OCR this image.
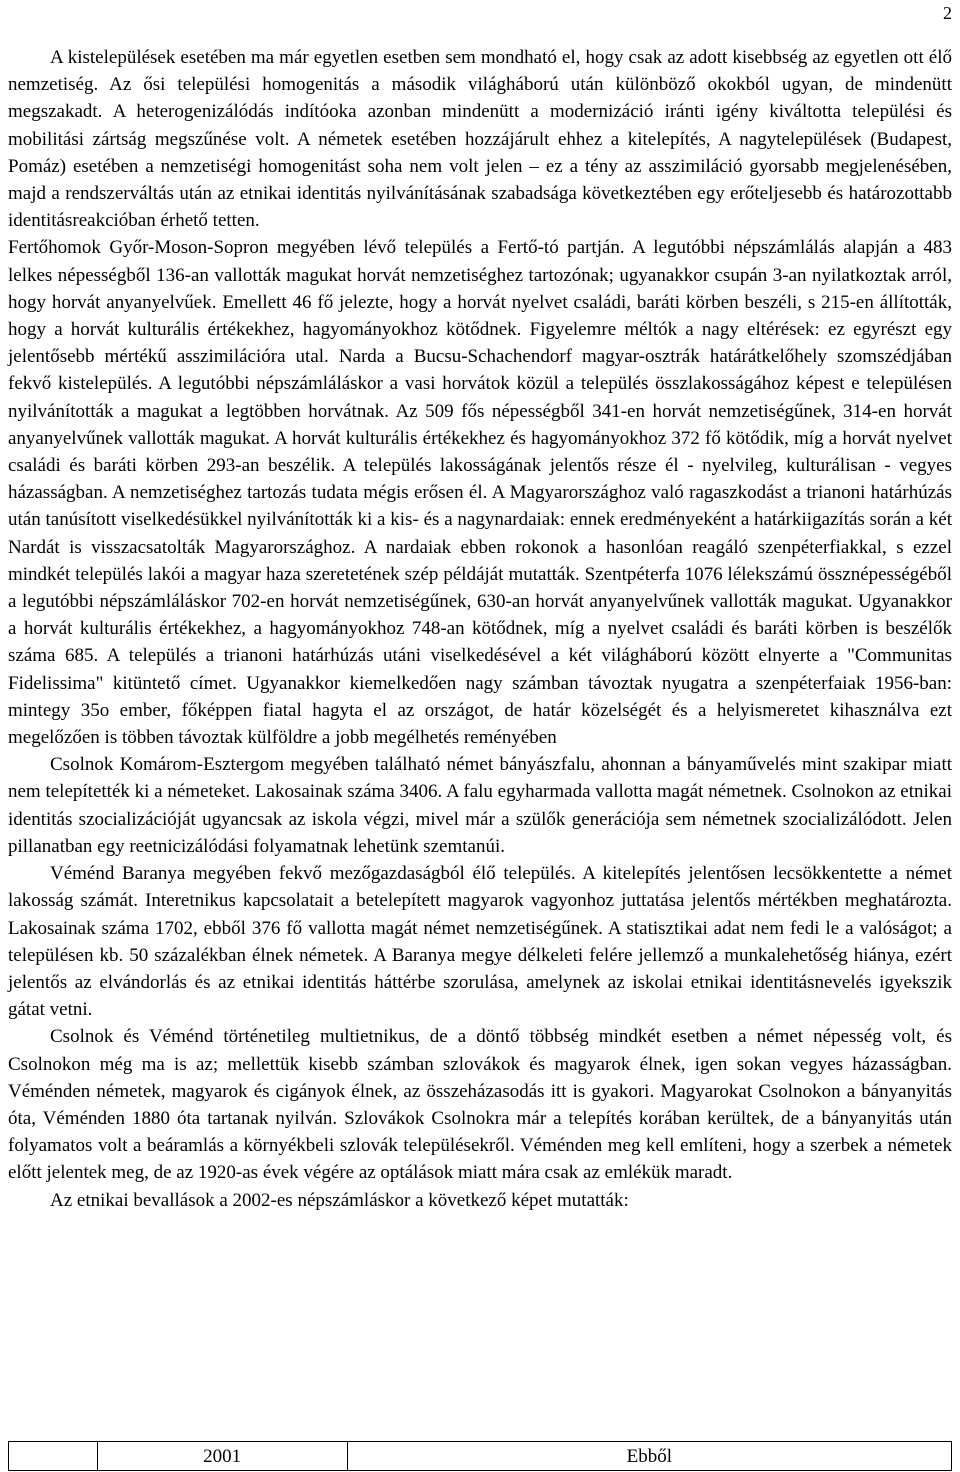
2

A kistelepülések esetében ma már egyetlen esetben sem mondható el, hogy csak az adott kisebbség az egyetlen ott élő nemzetiség. Az ősi települési homogenitás a második világháború után különböző okokból ugyan, de mindenütt megszakadt. A heterogenizálódás indítóoka azonban mindenütt a modernizáció iránti igény kiváltotta települési és mobilitási zártság megszűnése volt. A németek esetében hozzájárult ehhez a kitelepítés, A nagytelepülések (Budapest, Pomáz) esetében a nemzetiségi homogenitást soha nem volt jelen – ez a tény az asszimiláció gyorsabb megjelenésében, majd a rendszerváltás után az etnikai identitás nyilvánításának szabadsága következtében egy erőteljesebb és határozottabb identitásreakcióban érhető tetten.

Fertőhomok Győr-Moson-Sopron megyében lévő település a Fertő-tó partján. A legutóbbi népszámlálás alapján a 483 lelkes népességből 136-an vallották magukat horvát nemzetiséghez tartozónak; ugyanakkor csupán 3-an nyilatkoztak arról, hogy horvát anyanyelvűek. Emellett 46 fő jelezte, hogy a horvát nyelvet családi, baráti körben beszéli, s 215-en állították, hogy a horvát kulturális értékekhez, hagyományokhoz kötődnek. Figyelemre méltók a nagy eltérések: ez egyrészt egy jelentősebb mértékű asszimilációra utal. Narda a Bucsu-Schachendorf magyar-osztrák határátkelőhely szomszédjában fekvő kistelepülés. A legutóbbi népszámláláskor a vasi horvátok közül a település összlakosságához képest e településen nyilvánították a magukat a legtöbben horvátnak. Az 509 fős népességből 341-en horvát nemzetiségűnek, 314-en horvát anyanyelvűnek vallották magukat. A horvát kulturális értékekhez és hagyományokhoz 372 fő kötődik, míg a horvát nyelvet családi és baráti körben 293-an beszélik. A település lakosságának jelentős része él - nyelvileg, kulturálisan - vegyes házasságban. A nemzetiséghez tartozás tudata mégis erősen él. A Magyarországhoz való ragaszkodást a trianoni határhúzás után tanúsított viselkedésükkel nyilvánították ki a kis- és a nagynardaiak: ennek eredményeként a határkiigazítás során a két Nardát is visszacsatolták Magyarországhoz. A nardaiak ebben rokonok a hasonlóan reagáló szenpéterfiakkal, s ezzel mindkét település lakói a magyar haza szeretetének szép példáját mutatták. Szentpéterfa 1076 lélekszámú össznépességéből a legutóbbi népszámláláskor 702-en horvát nemzetiségűnek, 630-an horvát anyanyelvűnek vallották magukat. Ugyanakkor a horvát kulturális értékekhez, a hagyományokhoz 748-an kötődnek, míg a nyelvet családi és baráti körben is beszélők száma 685. A település a trianoni határhúzás utáni viselkedésével a két világháború között elnyerte a "Communitas Fidelissima" kitüntető címet. Ugyanakkor kiemelkedően nagy számban távoztak nyugatra a szenpéterfaiak 1956-ban: mintegy 35o ember, főképpen fiatal hagyta el az országot, de határ közelségét és a helyismeretet kihasználva ezt megelőzően is többen távoztak külföldre a jobb megélhetés reményében

Csolnok Komárom-Esztergom megyében található német bányászfalu, ahonnan a bányaművelés mint szakipar miatt nem telepítették ki a németeket. Lakosainak száma 3406. A falu egyharmada vallotta magát németnek. Csolnokon az etnikai identitás szocializációját ugyancsak az iskola végzi, mivel már a szülők generációja sem németnek szocializálódott. Jelen pillanatban egy reetnicizálódási folyamatnak lehetünk szemtanúi.

Véménd Baranya megyében fekvő mezőgazdaságból élő település. A kitelepítés jelentősen lecsökkentette a német lakosság számát. Interetnikus kapcsolatait a betelepített magyarok vagyonhoz juttatása jelentős mértékben meghatározta. Lakosainak száma 1702, ebből 376 fő vallotta magát német nemzetiségűnek. A statisztikai adat nem fedi le a valóságot; a településen kb. 50 százalékban élnek németek. A Baranya megye délkeleti felére jellemző a munkalehetőség hiánya, ezért jelentős az elvándorlás és az etnikai identitás háttérbe szorulása, amelynek az iskolai etnikai identitásnevelés igyekszik gátat vetni.

Csolnok és Véménd történetileg multietnikus, de a döntő többség mindkét esetben a német népesség volt, és Csolnokon még ma is az; mellettük kisebb számban szlovákok és magyarok élnek, igen sokan vegyes házasságban. Véménden németek, magyarok és cigányok élnek, az összeházasodás itt is gyakori. Magyarokat Csolnokon a bányanyitás óta, Véménden 1880 óta tartanak nyilván. Szlovákok Csolnokra már a telepítés korában kerültek, de a bányanyitás után folyamatos volt a beáramlás a környékbeli szlovák településekről. Véménden meg kell említeni, hogy a szerbek a németek előtt jelentek meg, de az 1920-as évek végére az optálások miatt mára csak az emlékük maradt.

Az etnikai bevallások a 2002-es népszámláskor a következő képet mutatták:

	2001	Ebből
